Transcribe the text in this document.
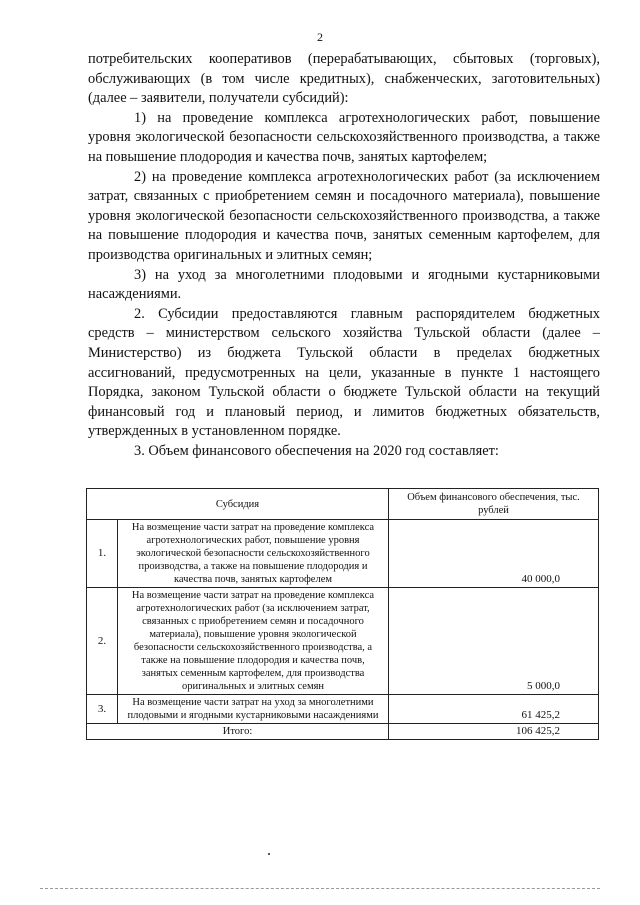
2

потребительских кооперативов (перерабатывающих, сбытовых (торговых), обслуживающих (в том числе кредитных), снабженческих, заготовительных) (далее – заявители, получатели субсидий):

1) на проведение комплекса агротехнологических работ, повышение уровня экологической безопасности сельскохозяйственного производства, а также на повышение плодородия и качества почв, занятых картофелем;

2) на проведение комплекса агротехнологических работ (за исключением затрат, связанных с приобретением семян и посадочного материала), повышение уровня экологической безопасности сельскохозяйственного производства, а также на повышение плодородия и качества почв, занятых семенным картофелем, для производства оригинальных и элитных семян;

3) на уход за многолетними плодовыми и ягодными кустарниковыми насаждениями.

2. Субсидии предоставляются главным распорядителем бюджетных средств – министерством сельского хозяйства Тульской области (далее – Министерство) из бюджета Тульской области в пределах бюджетных ассигнований, предусмотренных на цели, указанные в пункте 1 настоящего Порядка, законом Тульской области о бюджете Тульской области на текущий финансовый год и плановый период, и лимитов бюджетных обязательств, утвержденных в установленном порядке.

3. Объем финансового обеспечения на 2020 год составляет:

Субсидия		Объем финансового обеспечения, тыс. рублей
1.	На возмещение части затрат на проведение комплекса агротехнологических работ, повышение уровня экологической безопасности сельскохозяйственного производства, а также на повышение плодородия и качества почв, занятых картофелем	40 000,0
2.	На возмещение части затрат на проведение комплекса агротехнологических работ (за исключением затрат, связанных с приобретением семян и посадочного материала), повышение уровня экологической безопасности сельскохозяйственного производства, а также на повышение плодородия и качества почв, занятых семенным картофелем, для производства оригинальных и элитных семян	5 000,0
3.	На возмещение части затрат на уход за многолетними плодовыми и ягодными кустарниковыми насаждениями	61 425,2
Итого:		106 425,2
